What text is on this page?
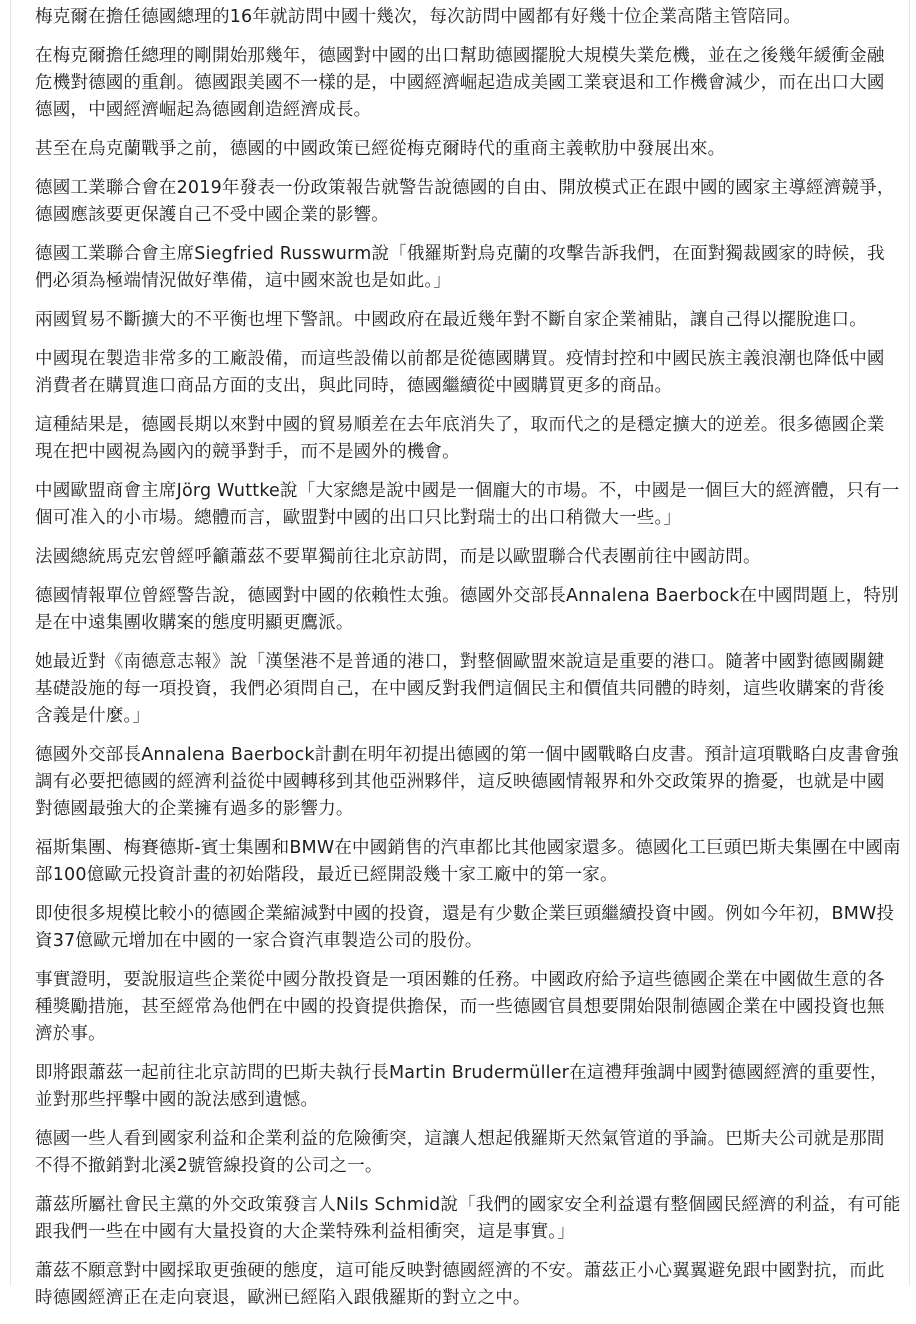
梅克爾在擔任德國總理的16年就訪問中國十幾次，每次訪問中國都有好幾十位企業高階主管陪同。

在梅克爾擔任總理的剛開始那幾年，德國對中國的出口幫助德國擺脫大規模失業危機，並在之後幾年緩衝金融危機對德國的重創。德國跟美國不一樣的是，中國經濟崛起造成美國工業衰退和工作機會減少，而在出口大國德國，中國經濟崛起為德國創造經濟成長。

甚至在烏克蘭戰爭之前，德國的中國政策已經從梅克爾時代的重商主義軟肋中發展出來。

德國工業聯合會在2019年發表一份政策報告就警告說德國的自由、開放模式正在跟中國的國家主導經濟競爭，德國應該要更保護自己不受中國企業的影響。

德國工業聯合會主席Siegfried Russwurm說「俄羅斯對烏克蘭的攻擊告訴我們，在面對獨裁國家的時候，我們必須為極端情況做好準備，這中國來說也是如此。」

兩國貿易不斷擴大的不平衡也埋下警訊。中國政府在最近幾年對不斷自家企業補貼，讓自己得以擺脫進口。

中國現在製造非常多的工廠設備，而這些設備以前都是從德國購買。疫情封控和中國民族主義浪潮也降低中國消費者在購買進口商品方面的支出，與此同時，德國繼續從中國購買更多的商品。

這種結果是，德國長期以來對中國的貿易順差在去年底消失了，取而代之的是穩定擴大的逆差。很多德國企業現在把中國視為國內的競爭對手，而不是國外的機會。

中國歐盟商會主席Jörg Wuttke說「大家總是說中國是一個龐大的市場。不，中國是一個巨大的經濟體，只有一個可准入的小市場。總體而言，歐盟對中國的出口只比對瑞士的出口稍微大一些。」

法國總統馬克宏曾經呼籲蕭茲不要單獨前往北京訪問，而是以歐盟聯合代表團前往中國訪問。

德國情報單位曾經警告說，德國對中國的依賴性太強。德國外交部長Annalena Baerbock在中國問題上，特別是在中遠集團收購案的態度明顯更鷹派。

她最近對《南德意志報》說「漢堡港不是普通的港口，對整個歐盟來說這是重要的港口。隨著中國對德國關鍵基礎設施的每一項投資，我們必須問自己，在中國反對我們這個民主和價值共同體的時刻，這些收購案的背後含義是什麼。」

德國外交部長Annalena Baerbock計劃在明年初提出德國的第一個中國戰略白皮書。預計這項戰略白皮書會強調有必要把德國的經濟利益從中國轉移到其他亞洲夥伴，這反映德國情報界和外交政策界的擔憂，也就是中國對德國最強大的企業擁有過多的影響力。

福斯集團、梅賽德斯-賓士集團和BMW在中國銷售的汽車都比其他國家還多。德國化工巨頭巴斯夫集團在中國南部100億歐元投資計畫的初始階段，最近已經開設幾十家工廠中的第一家。

即使很多規模比較小的德國企業縮減對中國的投資，還是有少數企業巨頭繼續投資中國。例如今年初，BMW投資37億歐元增加在中國的一家合資汽車製造公司的股份。

事實證明，要說服這些企業從中國分散投資是一項困難的任務。中國政府給予這些德國企業在中國做生意的各種獎勵措施，甚至經常為他們在中國的投資提供擔保，而一些德國官員想要開始限制德國企業在中國投資也無濟於事。

即將跟蕭茲一起前往北京訪問的巴斯夫執行長Martin Brudermüller在這禮拜強調中國對德國經濟的重要性，並對那些抨擊中國的說法感到遺憾。

德國一些人看到國家利益和企業利益的危險衝突，這讓人想起俄羅斯天然氣管道的爭論。巴斯夫公司就是那間不得不撤銷對北溪2號管線投資的公司之一。

蕭茲所屬社會民主黨的外交政策發言人Nils Schmid說「我們的國家安全利益還有整個國民經濟的利益，有可能跟我們一些在中國有大量投資的大企業特殊利益相衝突，這是事實。」

蕭茲不願意對中國採取更強硬的態度，這可能反映對德國經濟的不安。蕭茲正小心翼翼避免跟中國對抗，而此時德國經濟正在走向衰退，歐洲已經陷入跟俄羅斯的對立之中。
